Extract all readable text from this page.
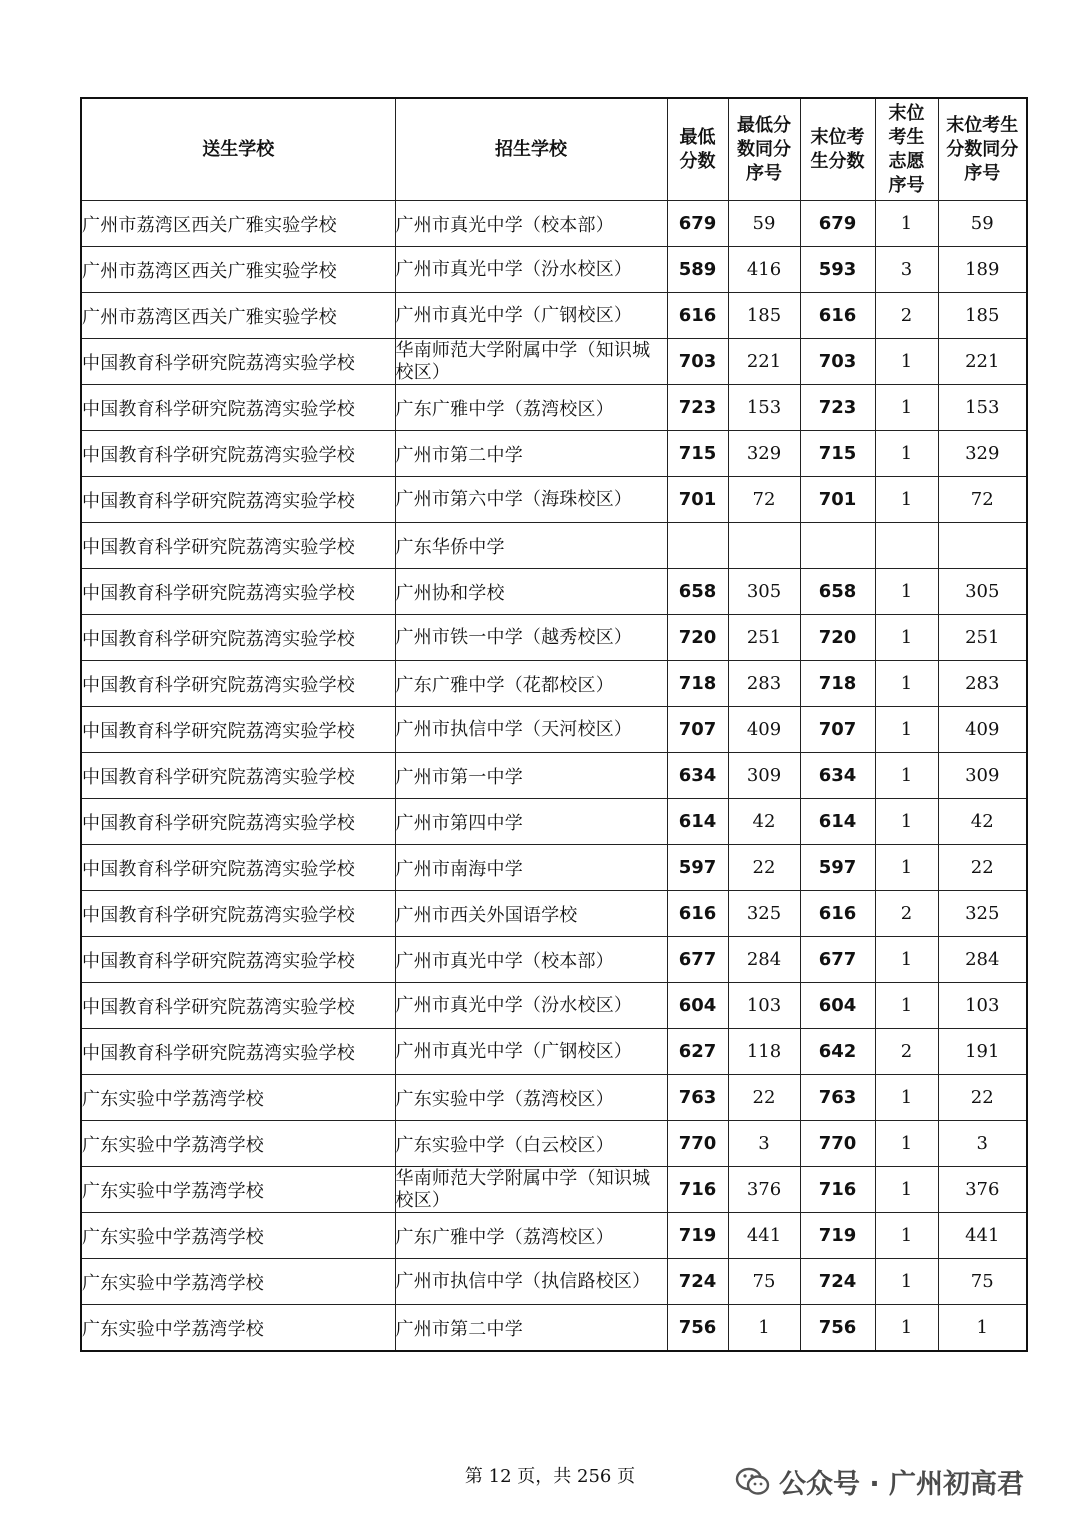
送生学校	招生学校	最低分数	最低分数同分序号	末位考生分数	末位考生志愿序号	末位考生分数同分序号

广州市荔湾区西关广雅实验学校	广州市真光中学（校本部）	679	59	679	1	59
广州市荔湾区西关广雅实验学校	广州市真光中学（汾水校区）	589	416	593	3	189
广州市荔湾区西关广雅实验学校	广州市真光中学（广钢校区）	616	185	616	2	185
中国教育科学研究院荔湾实验学校	华南师范大学附属中学（知识城校区）	703	221	703	1	221
中国教育科学研究院荔湾实验学校	广东广雅中学（荔湾校区）	723	153	723	1	153
中国教育科学研究院荔湾实验学校	广州市第二中学	715	329	715	1	329
中国教育科学研究院荔湾实验学校	广州市第六中学（海珠校区）	701	72	701	1	72
中国教育科学研究院荔湾实验学校	广东华侨中学					
中国教育科学研究院荔湾实验学校	广州协和学校	658	305	658	1	305
中国教育科学研究院荔湾实验学校	广州市铁一中学（越秀校区）	720	251	720	1	251
中国教育科学研究院荔湾实验学校	广东广雅中学（花都校区）	718	283	718	1	283
中国教育科学研究院荔湾实验学校	广州市执信中学（天河校区）	707	409	707	1	409
中国教育科学研究院荔湾实验学校	广州市第一中学	634	309	634	1	309
中国教育科学研究院荔湾实验学校	广州市第四中学	614	42	614	1	42
中国教育科学研究院荔湾实验学校	广州市南海中学	597	22	597	1	22
中国教育科学研究院荔湾实验学校	广州市西关外国语学校	616	325	616	2	325
中国教育科学研究院荔湾实验学校	广州市真光中学（校本部）	677	284	677	1	284
中国教育科学研究院荔湾实验学校	广州市真光中学（汾水校区）	604	103	604	1	103
中国教育科学研究院荔湾实验学校	广州市真光中学（广钢校区）	627	118	642	2	191
广东实验中学荔湾学校	广东实验中学（荔湾校区）	763	22	763	1	22
广东实验中学荔湾学校	广东实验中学（白云校区）	770	3	770	1	3
广东实验中学荔湾学校	华南师范大学附属中学（知识城校区）	716	376	716	1	376
广东实验中学荔湾学校	广东广雅中学（荔湾校区）	719	441	719	1	441
广东实验中学荔湾学校	广州市执信中学（执信路校区）	724	75	724	1	75
广东实验中学荔湾学校	广州市第二中学	756	1	756	1	1
第 12 页，共 256 页	公众号 · 广州初高君
